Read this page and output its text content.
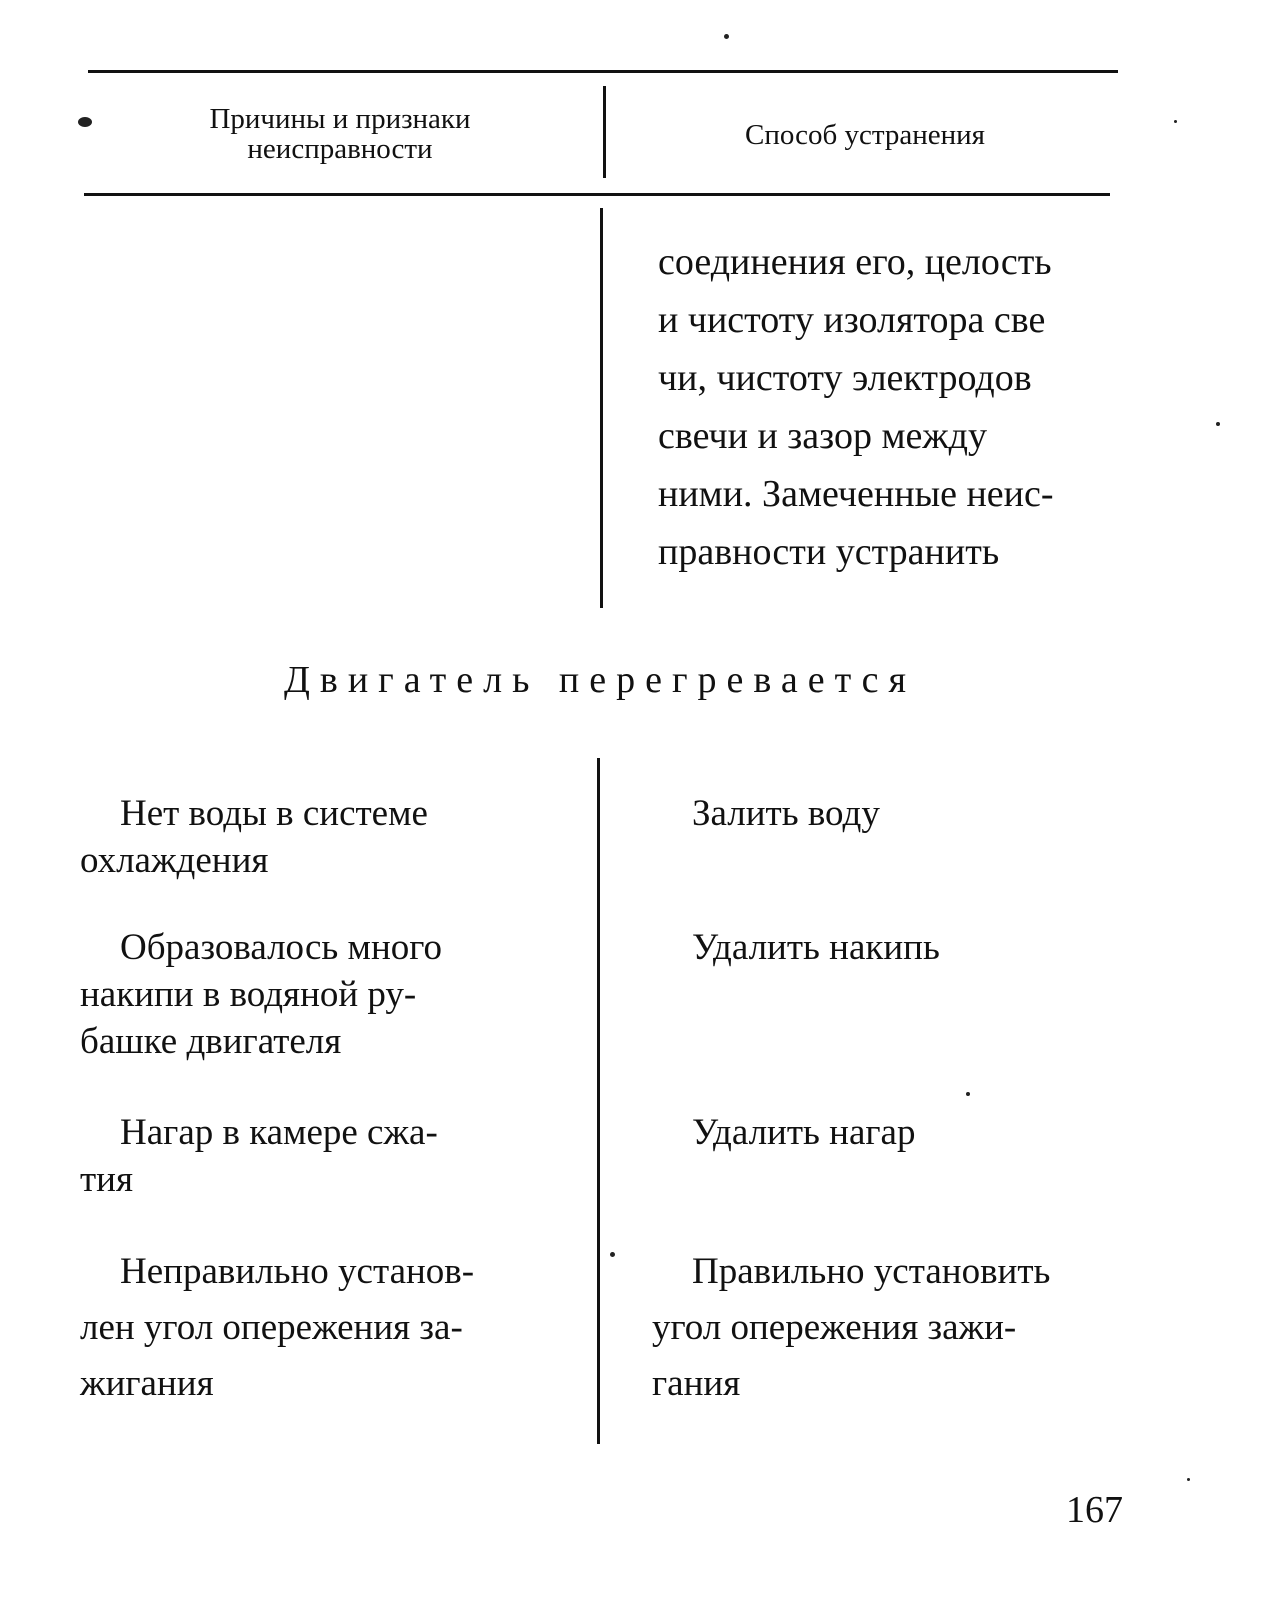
Причины и признаки
неисправности	Способ устранения
соединения его, целость
и чистоту изолятора све
чи, чистоту электродов
свечи и зазор между
ними. Замеченные неис-
правности устранить
Двигатель перегревается
Нет воды в системе
охлаждения
Залить воду
Образовалось много
накипи в водяной ру-
башке двигателя
Удалить накипь
Нагар в камере сжа-
тия
Удалить нагар
Неправильно установ-
лен угол опережения за-
жигания
Правильно установить
угол опережения зажи-
гания
167
